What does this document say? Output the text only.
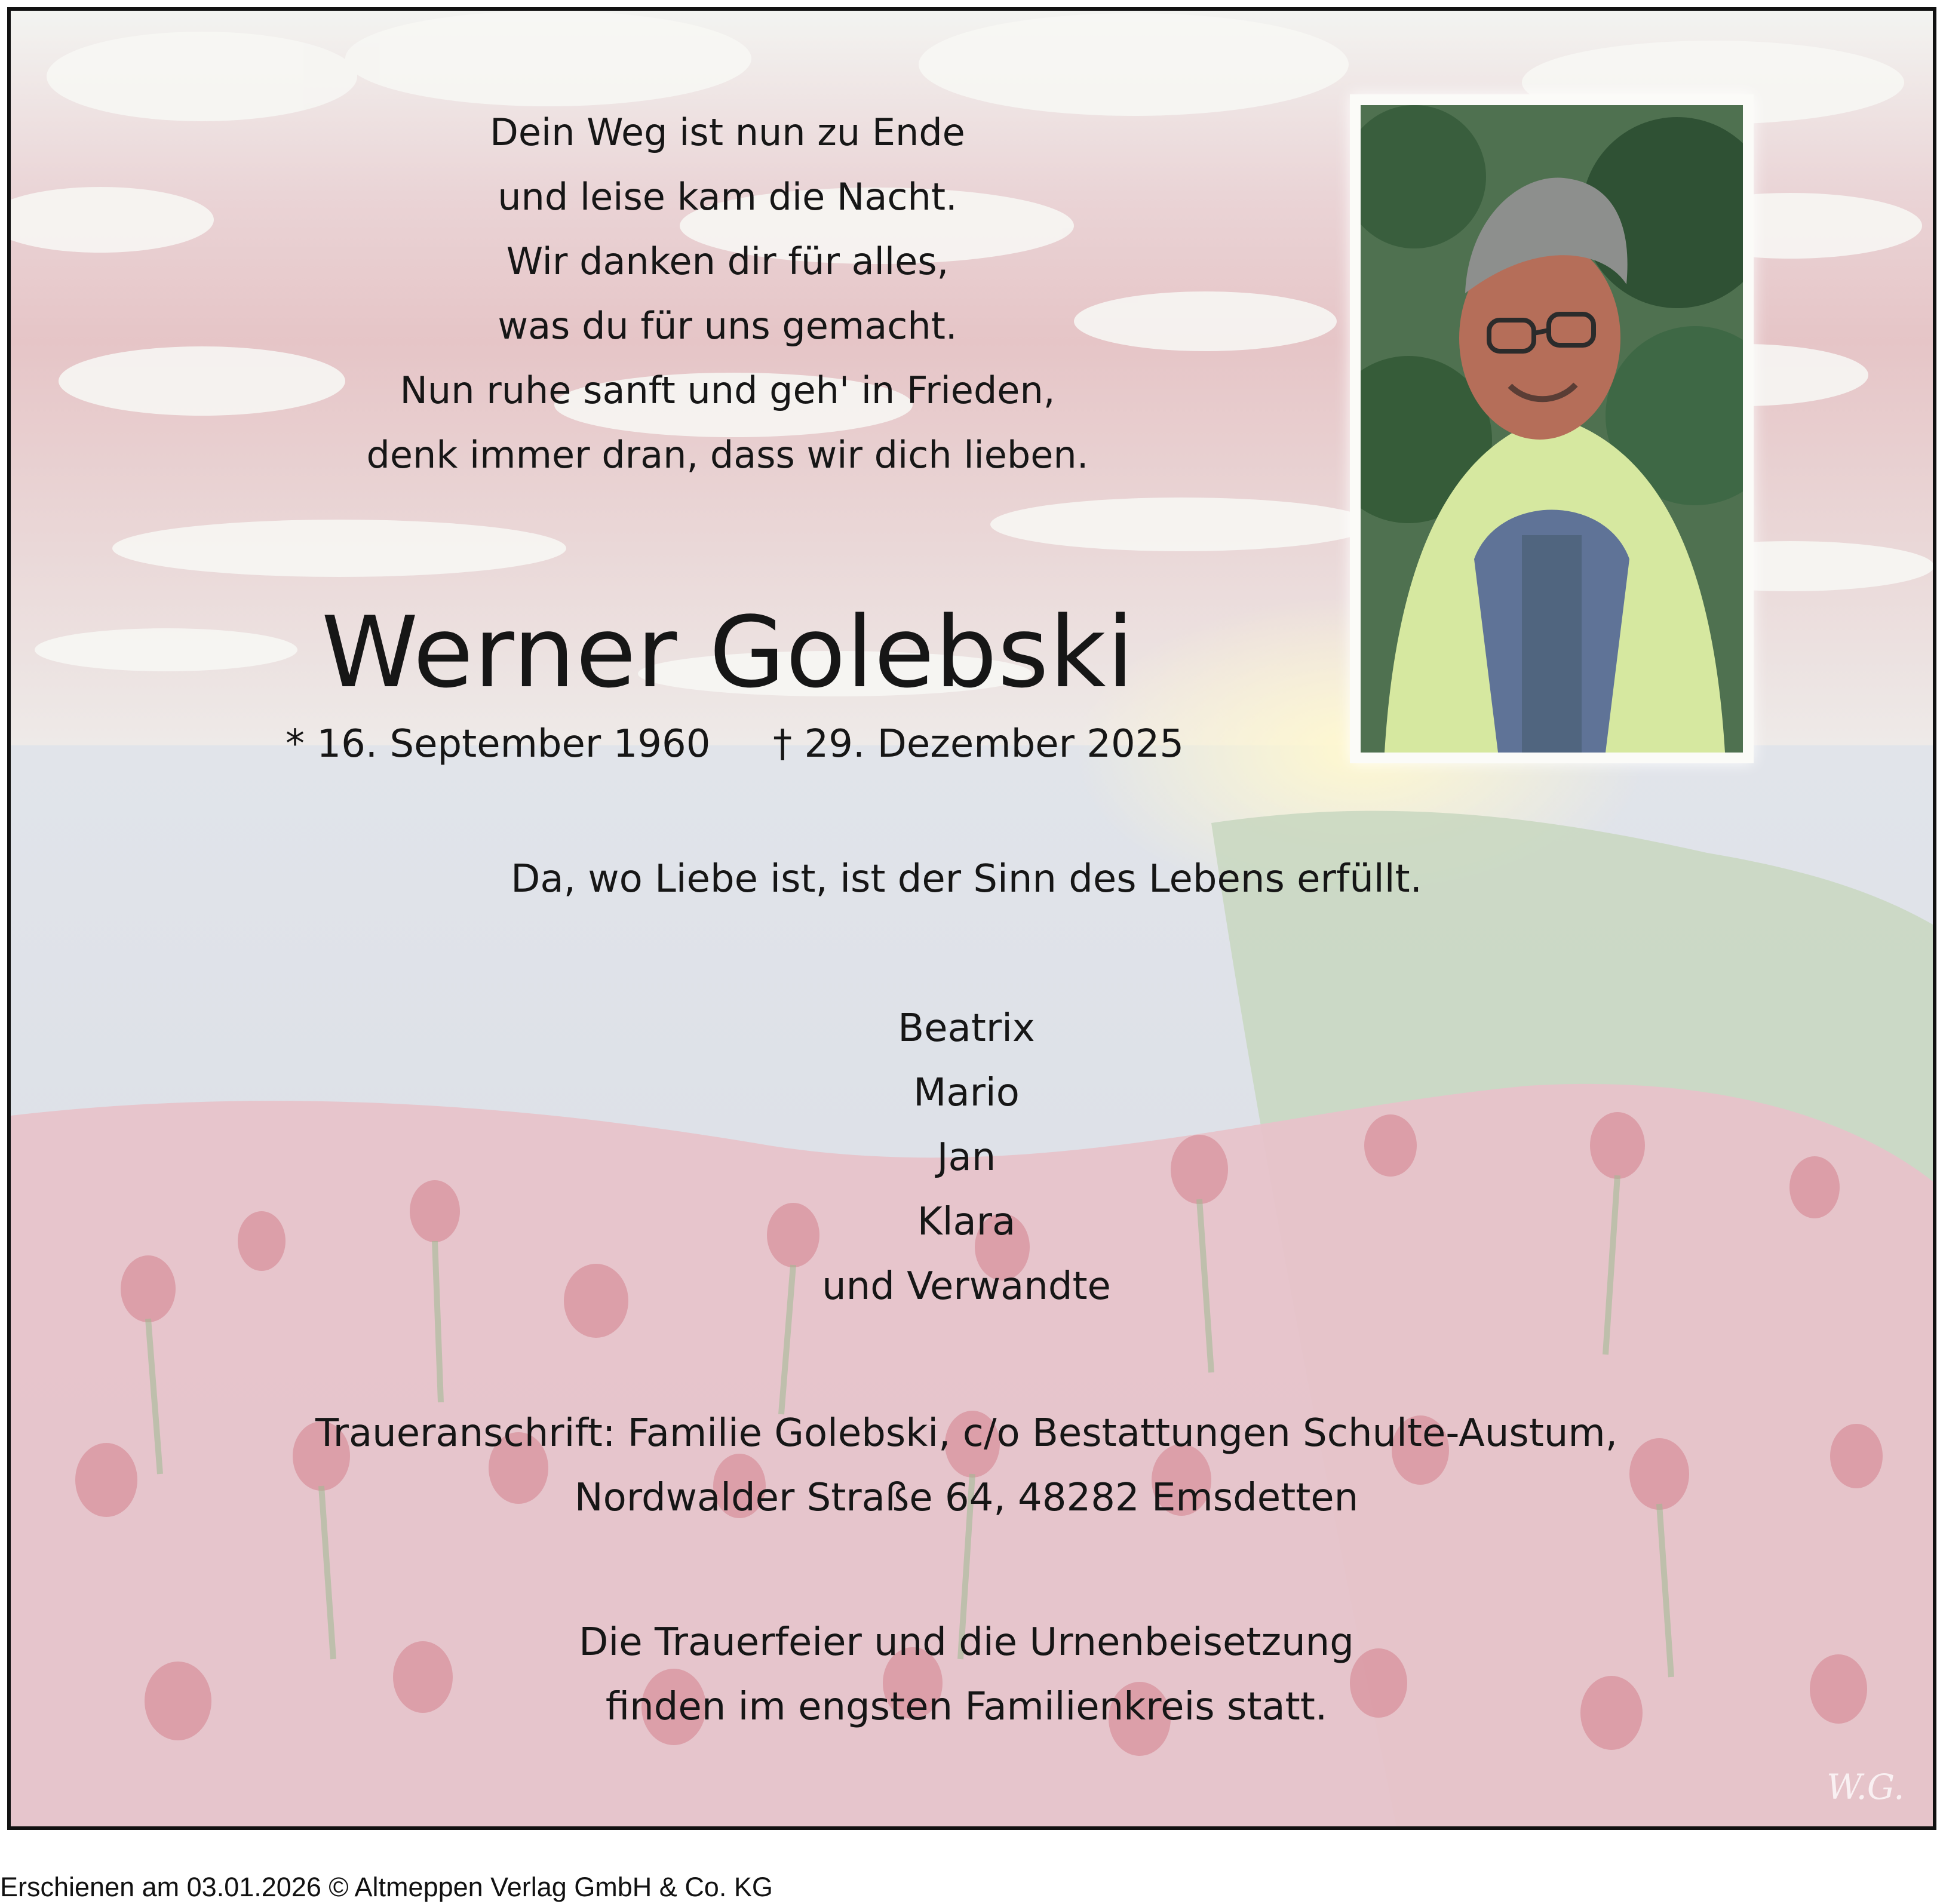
Dein Weg ist nun zu Ende
und leise kam die Nacht.
Wir danken dir für alles,
was du für uns gemacht.
Nun ruhe sanft und geh' in Frieden,
denk immer dran, dass wir dich lieben.
Werner Golebski
* 16. September 1960 † 29. Dezember 2025
Da, wo Liebe ist, ist der Sinn des Lebens erfüllt.
Beatrix
Mario
Jan
Klara
und Verwandte
Traueranschrift: Familie Golebski, c/o Bestattungen Schulte-Austum,
Nordwalder Straße 64, 48282 Emsdetten
Die Trauerfeier und die Urnenbeisetzung
finden im engsten Familienkreis statt.
W.G.
Erschienen am 03.01.2026 © Altmeppen Verlag GmbH & Co. KG
